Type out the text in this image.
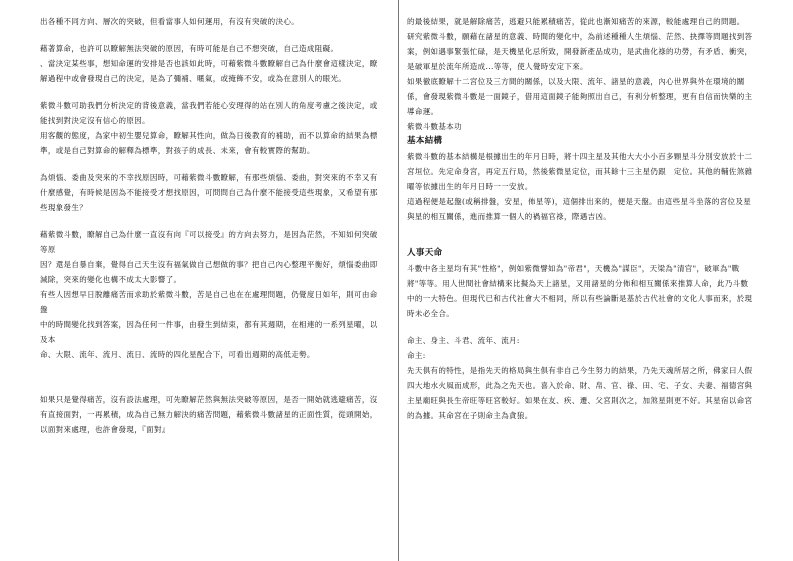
出各種不同方向、層次的突破，但看當事人如何運用，有沒有突破的決心。

藉著算命，也許可以瞭解無法突破的原因，有時可能是自己不想突破，自己造成阻礙。

、當決定某些事，想知命運的安排是否也該如此時，可藉紫微斗數瞭解自己為什麼會這樣決定，瞭解過程中或會發現自己的決定，是為了彌補、暱氣，或掩飾不安，或為在意別人的眼光。

紫微斗數可助我們分析決定的背後意義，當我們若能心安理得的站在別人的角度考慮之後決定，或能找到對決定沒有信心的原因。

用客觀的態度，為家中初生嬰兒算命，瞭解其性向，做為日後教育的補助，而不以算命的結果為標

準，或是自己對算命的解釋為標準，對孩子的成長、未來，會有較實際的幫助。

為煩惱、委曲及突來的不幸找原因時，可藉紫微斗數瞭解，有那些煩惱、委曲，對突來的不幸又有什麼感覺，有時候是因為不能接受才想找原因，可問問自己為什麼不能接受這些現象，又希望有那些現象發生？

藉紫微斗數，瞭解自己為什麼一直沒有向『可以接受』的方向去努力，是因為茫然，不知如何突破等原

因？還是自暴自棄，覺得自己天生沒有福氣做自己想做的事？把自己內心整理平衡好，煩惱委曲即減除，突來的變化也構不成太大影響了。

有些人因想早日脫離痛苦而求助於紫微斗數，苦是自己也在在處理問題，仍覺度日如年，則可由命盤

中的時間變化找到答案，因為任何一件事，由發生到結束，都有其週期，在相連的一系列星曜，以及本

命、大限、流年、流月、流日、流時的四化星配合下，可看出週期的高低走勢。

如果只是覺得痛苦，沒有設法處理，可先瞭解茫然與無法突破等原因，是否一開始就逃避痛苦，沒有直接面對，一再累積，成為自己無力解決的痛苦問題，藉紫微斗數諸星的正面性質，從頭開始，以面對來處理，也許會發現，『面對』

的最後結果，就是解除痛苦，逃避只能累積痛苦，從此也漸知痛苦的來源，較能處理自己的問題。

研究紫微斗數，願藉在諸星的意義、時間的變化中，為前述種種人生煩惱、茫然、抉擇等問題找到答案，例如遇事緊張忙碌，是天機星化忌所致，開發新產品成功，是武曲化祿的功勞，有矛盾、衝突，是破軍星於流年所造成...等等，使人覺時安定下來。

如果徹底瞭解十二宮位及三方間的關係，以及大限、流年、諸星的意義，內心世界與外在環境的關係，會發現紫微斗數是一面鏡子，借用這面鏡子能夠照出自己，有利分析整理，更有自信而快樂的主導命運。

紫微斗數基本功

基本結構

紫微斗數的基本結構是根據出生的年月日時，將十四主星及其他大大小小百多顆星斗分別安放於十二宮垣位。先定命身宮，再定五行局，然後紫微星定位，而其餘十三主星仍跟　定位。其他的輔佐煞雜曜等依據出生的年月日時一一安放。

這過程便是起盤(或稱排盤，安星，佈星等)，這個排出來的，便是天盤。由這些星斗坐落的宮位及星與星的相互關係，進而推算一個人的禍福官祿，際遇吉凶。

人事天命

斗數中各主星均有其"性格"，例如紫微譬如為"帝君"，天機為"謀臣"，天梁為"清官"，破軍為"戰將"等等。用人世間社會結構來比擬為天上諸星，又用諸星的分佈和相互關係來推算人命，此乃斗數中的一大特色。但現代已和古代社會大不相同，所以有些論斷是基於古代社會的文化人事而來，於現時未必全合。

命主、身主、斗君、流年、流月:

命主:

先天俱有的特性，是指先天的格局與生俱有非自己今生努力的結果，乃先天魂所居之所，佛家曰人假四大地水火風而成形，此為之先天也。喜入於命、財、帛、官、祿、田、宅、子女、夫妻、福德宮與主星廟旺與長生帝旺等旺宮較好。如果在友、疾、遷、父宮則次之，加煞星則更不好。其星宿以命宮的為據。其命宮在子則命主為貪狼。
